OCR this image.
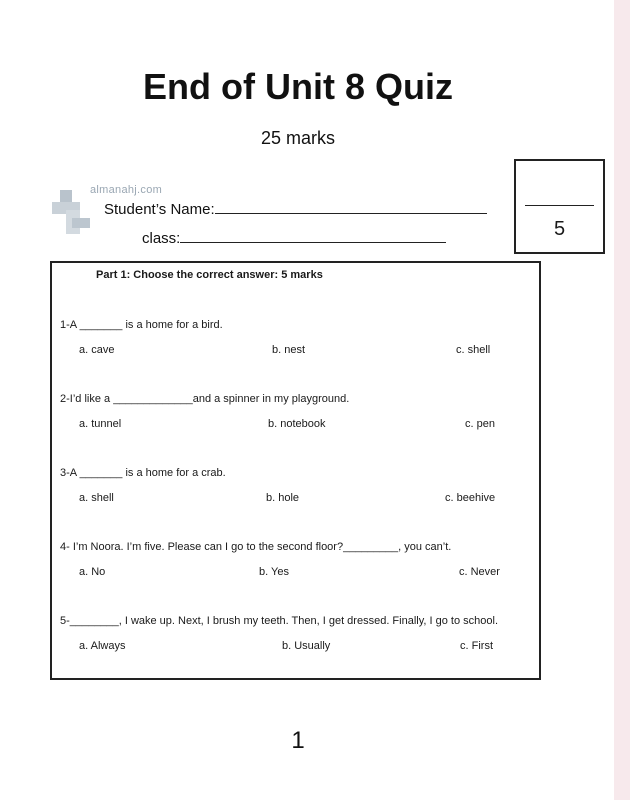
End of Unit 8 Quiz
25 marks
5
almanahj.com
Student’s Name:
class:
Part 1: Choose the correct answer: 5 marks
1-A _______ is a home for a bird.
a. cave	b. nest	c. shell
2-I’d like a _____________and a spinner in my playground.
a. tunnel	b. notebook	c. pen
3-A _______ is a home for a crab.
a. shell	b. hole	c. beehive
4- I’m Noora. I’m five. Please can I go to the second floor?_________, you can’t.
a. No	b. Yes	c. Never
5-________, I wake up. Next, I brush my teeth. Then, I get dressed. Finally, I go to school.
a. Always	b. Usually	c. First
1
